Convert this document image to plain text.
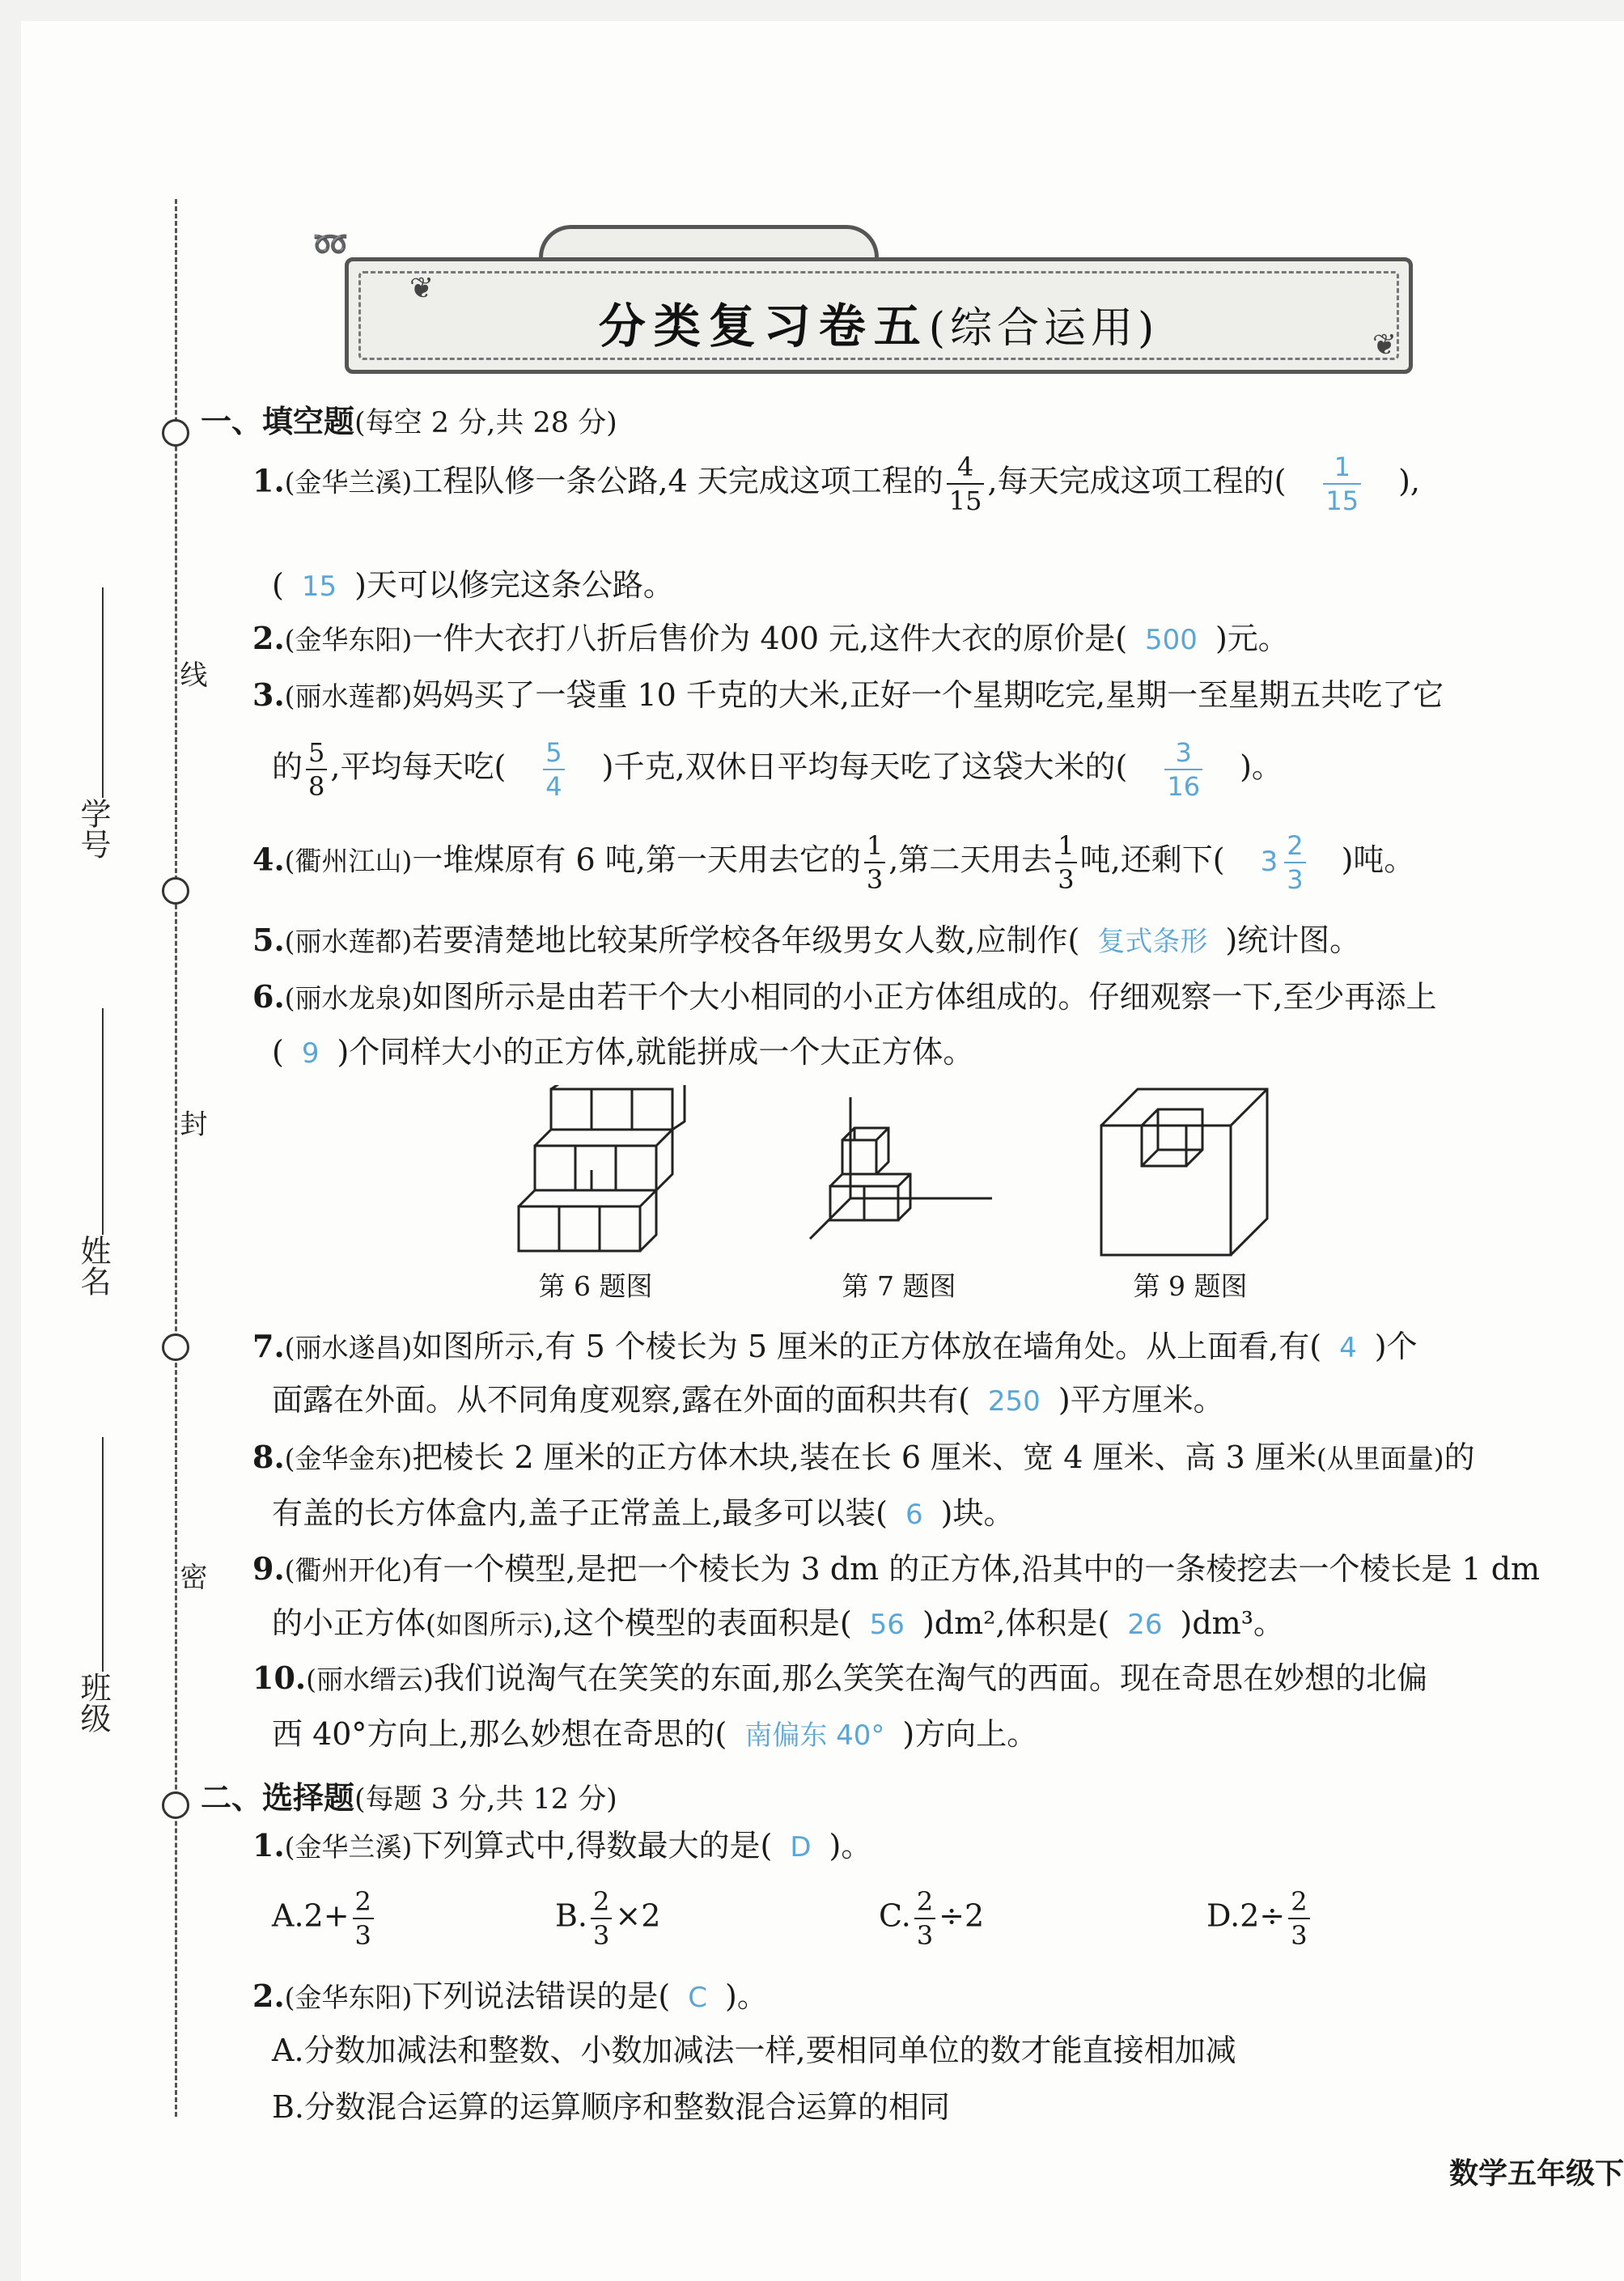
线
封
密
学号
姓名
班级
➿
❦
❦
分类复习卷五(综合运用)
一、填空题(每空 2 分,共 28 分)
1.(金华兰溪)工程队修一条公路,4 天完成这项工程的 $\frac{4}{15}$ ,每天完成这项工程的( $\frac{1}{15}$ ),
( 15 )天可以修完这条公路。
2.(金华东阳)一件大衣打八折后售价为 400 元,这件大衣的原价是( 500 )元。
3.(丽水莲都)妈妈买了一袋重 10 千克的大米,正好一个星期吃完,星期一至星期五共吃了它
的 $\frac{5}{8}$ ,平均每天吃( $\frac{5}{4}$ )千克,双休日平均每天吃了这袋大米的( $\frac{3}{16}$ )。
4.(衢州江山)一堆煤原有 6 吨,第一天用去它的 $\frac{1}{3}$ ,第二天用去 $\frac{1}{3}$ 吨,还剩下( $3 \frac{2}{3}$ )吨。
5.(丽水莲都)若要清楚地比较某所学校各年级男女人数,应制作( 复式条形 )统计图。
6.(丽水龙泉)如图所示是由若干个大小相同的小正方体组成的。仔细观察一下,至少再添上
( 9 )个同样大小的正方体,就能拼成一个大正方体。
第 6 题图	第 7 题图	第 9 题图
7.(丽水遂昌)如图所示,有 5 个棱长为 5 厘米的正方体放在墙角处。从上面看,有( 4 )个
面露在外面。从不同角度观察,露在外面的面积共有( 250 )平方厘米。
8.(金华金东)把棱长 2 厘米的正方体木块,装在长 6 厘米、宽 4 厘米、高 3 厘米(从里面量)的
有盖的长方体盒内,盖子正常盖上,最多可以装( 6 )块。
9.(衢州开化)有一个模型,是把一个棱长为 3 dm 的正方体,沿其中的一条棱挖去一个棱长是 1 dm
的小正方体(如图所示),这个模型的表面积是( 56 )dm²,体积是( 26 )dm³。
10.(丽水缙云)我们说淘气在笑笑的东面,那么笑笑在淘气的西面。现在奇思在妙想的北偏
西 40°方向上,那么妙想在奇思的( 南偏东 40° )方向上。
二、选择题(每题 3 分,共 12 分)
1.(金华兰溪)下列算式中,得数最大的是( D )。
$A.2+ \frac{2}{3}$	B. $\frac{2}{3} \times 2$	C. $\frac{2}{3} \div 2$	$D.2\div \frac{2}{3}$
2.(金华东阳)下列说法错误的是( C )。
A.分数加减法和整数、小数加减法一样,要相同单位的数才能直接相加减
B.分数混合运算的运算顺序和整数混合运算的相同
数学五年级下
